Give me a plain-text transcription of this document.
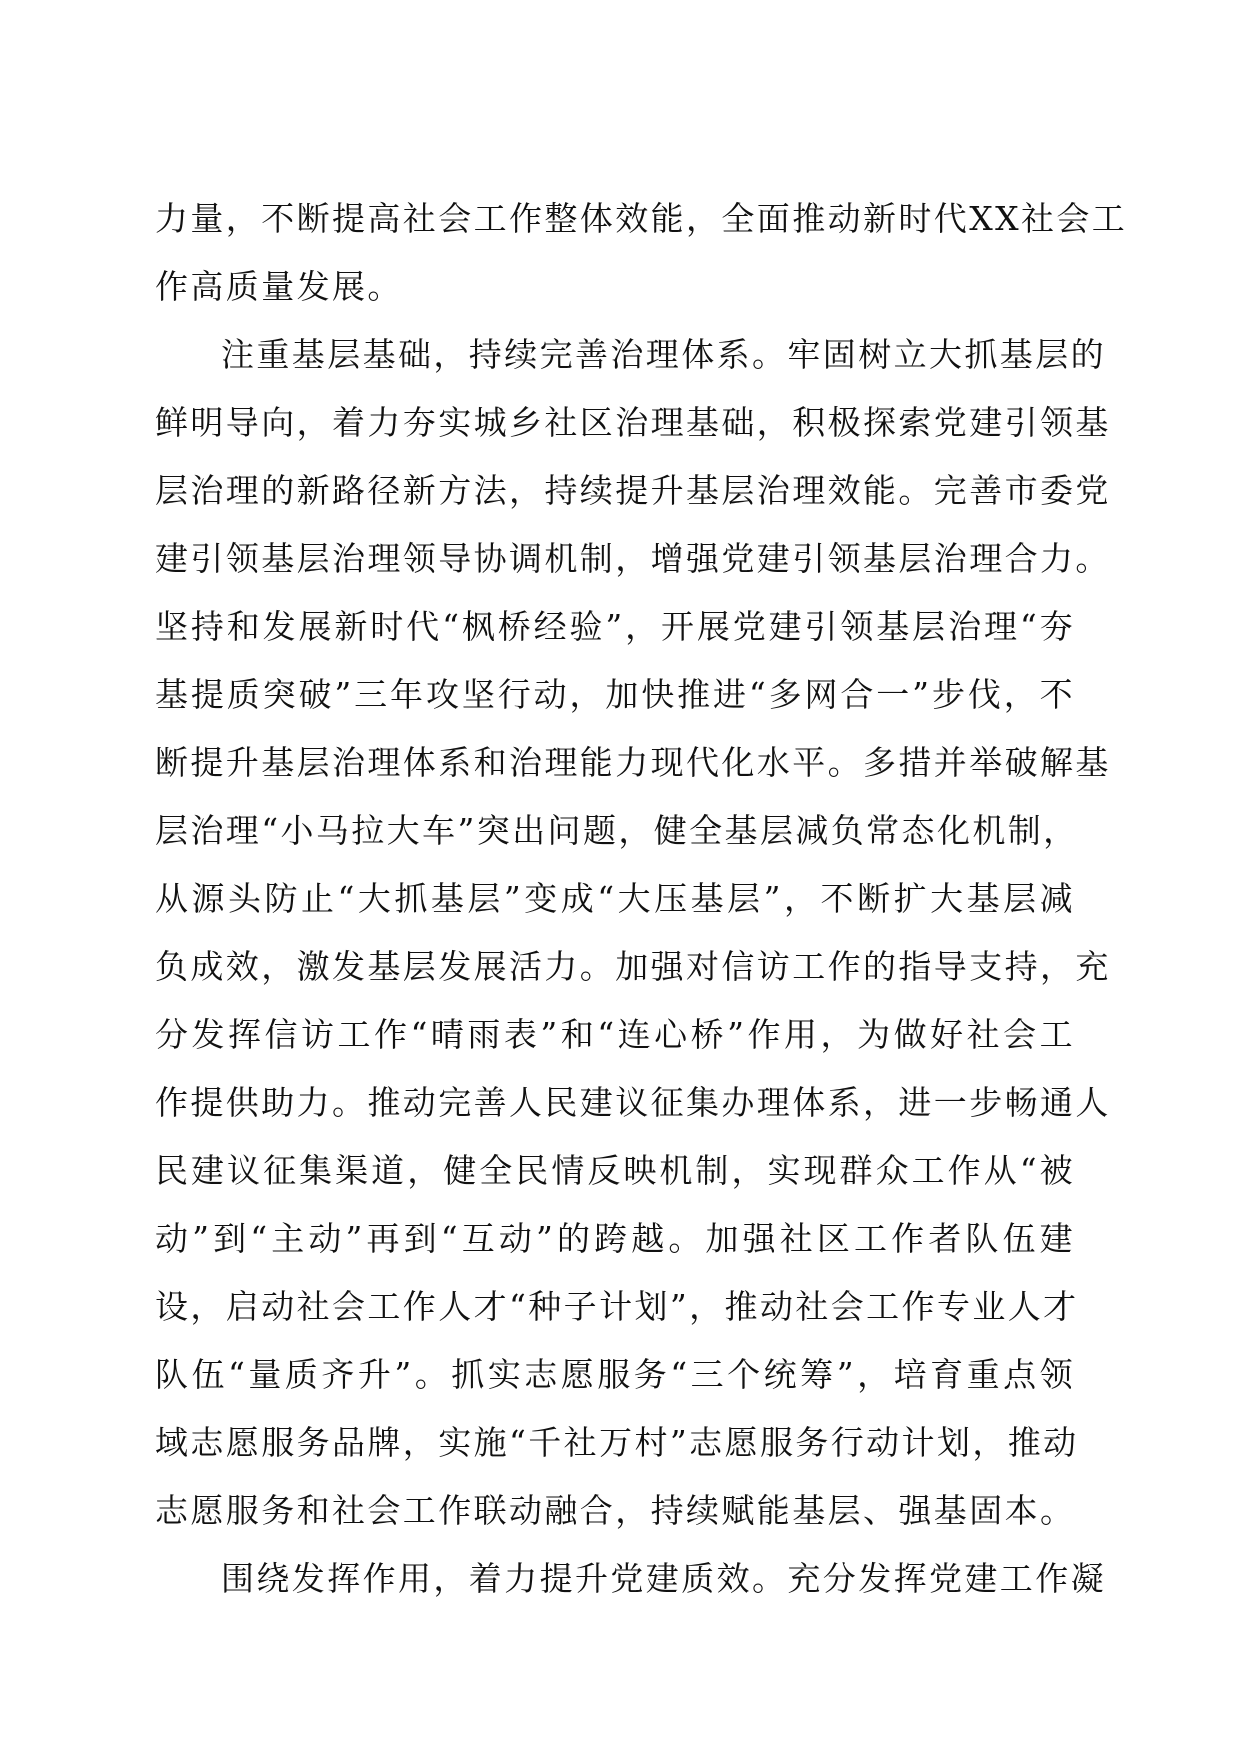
力量，不断提高社会工作整体效能，全面推动新时代XX社会工
作高质量发展。
注重基层基础，持续完善治理体系。牢固树立大抓基层的
鲜明导向，着力夯实城乡社区治理基础，积极探索党建引领基
层治理的新路径新方法，持续提升基层治理效能。完善市委党
建引领基层治理领导协调机制，增强党建引领基层治理合力。
坚持和发展新时代“枫桥经验”，开展党建引领基层治理“夯
基提质突破”三年攻坚行动，加快推进“多网合一”步伐，不
断提升基层治理体系和治理能力现代化水平。多措并举破解基
层治理“小马拉大车”突出问题，健全基层减负常态化机制，
从源头防止“大抓基层”变成“大压基层”，不断扩大基层减
负成效，激发基层发展活力。加强对信访工作的指导支持，充
分发挥信访工作“晴雨表”和“连心桥”作用，为做好社会工
作提供助力。推动完善人民建议征集办理体系，进一步畅通人
民建议征集渠道，健全民情反映机制，实现群众工作从“被
动”到“主动”再到“互动”的跨越。加强社区工作者队伍建
设，启动社会工作人才“种子计划”，推动社会工作专业人才
队伍“量质齐升”。抓实志愿服务“三个统筹”，培育重点领
域志愿服务品牌，实施“千社万村”志愿服务行动计划，推动
志愿服务和社会工作联动融合，持续赋能基层、强基固本。
围绕发挥作用，着力提升党建质效。充分发挥党建工作凝
